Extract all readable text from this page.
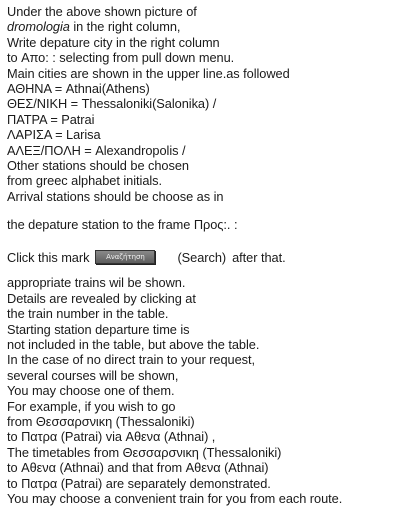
Under the above shown picture of
dromologia in the right column,
Write depature city in the right column
to Απο: : selecting from pull down menu.
Main cities are shown in the upper line.as followed
ΑΘΗΝΑ = Athnai(Athens)
ΘΕΣ/ΝΙΚΗ = Thessaloniki(Salonika) /
ΠΑΤΡΑ = Patrai
ΛΑΡΙΣΑ = Larisa
ΑΛΕΞ/ΠΟΛΗ = Alexandropolis /
Other stations should be chosen
from greec alphabet initials.
Arrival stations should be choose as in
the depature station to the frame Προς:. :
Click this mark	Αναζήτηση	(Search) after that.
appropriate trains wil be shown.
Details are revealed by clicking at
the train number in the table.
Starting station departure time is
not included in the table, but above the table.
In the case of no direct train to your request,
several courses will be shown,
You may choose one of them.
For example, if you wish to go
from Θεσσαρσνικη (Thessaloniki)
to Πατρα (Patrai) via Αθενα (Athnai) ,
The timetables from Θεσσαρσνικη (Thessaloniki)
to Αθενα (Athnai) and that from Αθενα (Athnai)
to Πατρα (Patrai) are separately demonstrated.
You may choose a convenient train for you from each route.
